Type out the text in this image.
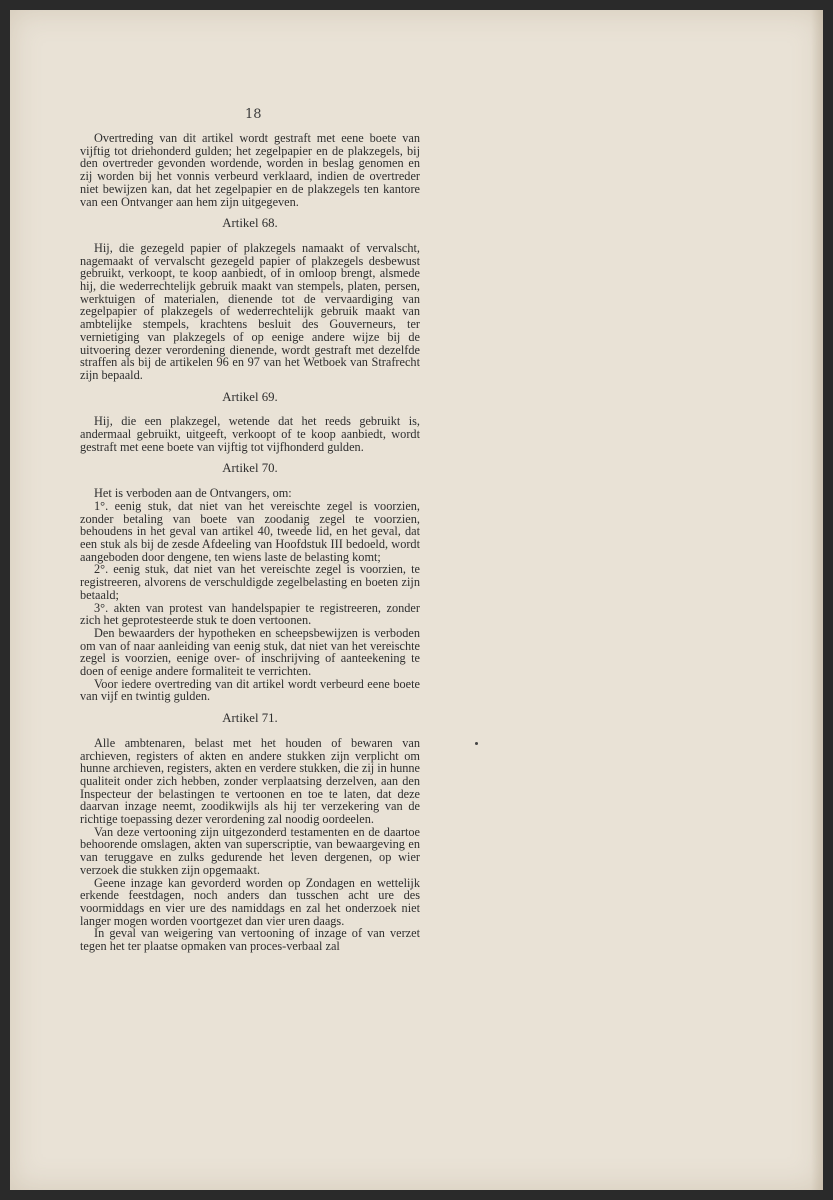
18

Overtreding van dit artikel wordt gestraft met eene boete van vijftig tot driehonderd gulden; het zegelpapier en de plakzegels, bij den overtreder gevonden wordende, worden in beslag genomen en zij worden bij het vonnis verbeurd verklaard, indien de overtreder niet bewijzen kan, dat het zegelpapier en de plakzegels ten kantore van een Ontvanger aan hem zijn uitgegeven.

Artikel 68.

Hij, die gezegeld papier of plakzegels namaakt of vervalscht, nagemaakt of vervalscht gezegeld papier of plakzegels desbewust gebruikt, verkoopt, te koop aanbiedt, of in omloop brengt, alsmede hij, die wederrechtelijk gebruik maakt van stempels, platen, persen, werktuigen of materialen, dienende tot de vervaardiging van zegelpapier of plakzegels of wederrechtelijk gebruik maakt van ambtelijke stempels, krachtens besluit des Gouverneurs, ter vernietiging van plakzegels of op eenige andere wijze bij de uitvoering dezer verordening dienende, wordt gestraft met dezelfde straffen als bij de artikelen 96 en 97 van het Wetboek van Strafrecht zijn bepaald.

Artikel 69.

Hij, die een plakzegel, wetende dat het reeds gebruikt is, andermaal gebruikt, uitgeeft, verkoopt of te koop aanbiedt, wordt gestraft met eene boete van vijftig tot vijfhonderd gulden.

Artikel 70.

Het is verboden aan de Ontvangers, om:

1°. eenig stuk, dat niet van het vereischte zegel is voorzien, zonder betaling van boete van zoodanig zegel te voorzien, behoudens in het geval van artikel 40, tweede lid, en het geval, dat een stuk als bij de zesde Afdeeling van Hoofdstuk III bedoeld, wordt aangeboden door dengene, ten wiens laste de belasting komt;

2°. eenig stuk, dat niet van het vereischte zegel is voorzien, te registreeren, alvorens de verschuldigde zegelbelasting en boeten zijn betaald;

3°. akten van protest van handelspapier te registreeren, zonder zich het geprotesteerde stuk te doen vertoonen.

Den bewaarders der hypotheken en scheepsbewijzen is verboden om van of naar aanleiding van eenig stuk, dat niet van het vereischte zegel is voorzien, eenige over- of inschrijving of aanteekening te doen of eenige andere formaliteit te verrichten.

Voor iedere overtreding van dit artikel wordt verbeurd eene boete van vijf en twintig gulden.

Artikel 71.

Alle ambtenaren, belast met het houden of bewaren van archieven, registers of akten en andere stukken zijn verplicht om hunne archieven, registers, akten en verdere stukken, die zij in hunne qualiteit onder zich hebben, zonder verplaatsing derzelven, aan den Inspecteur der belastingen te vertoonen en toe te laten, dat deze daarvan inzage neemt, zoodikwijls als hij ter verzekering van de richtige toepassing dezer verordening zal noodig oordeelen.

Van deze vertooning zijn uitgezonderd testamenten en de daartoe behoorende omslagen, akten van superscriptie, van bewaargeving en van teruggave en zulks gedurende het leven dergenen, op wier verzoek die stukken zijn opgemaakt.

Geene inzage kan gevorderd worden op Zondagen en wettelijk erkende feestdagen, noch anders dan tusschen acht ure des voormiddags en vier ure des namiddags en zal het onderzoek niet langer mogen worden voortgezet dan vier uren daags.

In geval van weigering van vertooning of inzage of van verzet tegen het ter plaatse opmaken van proces-verbaal zal
